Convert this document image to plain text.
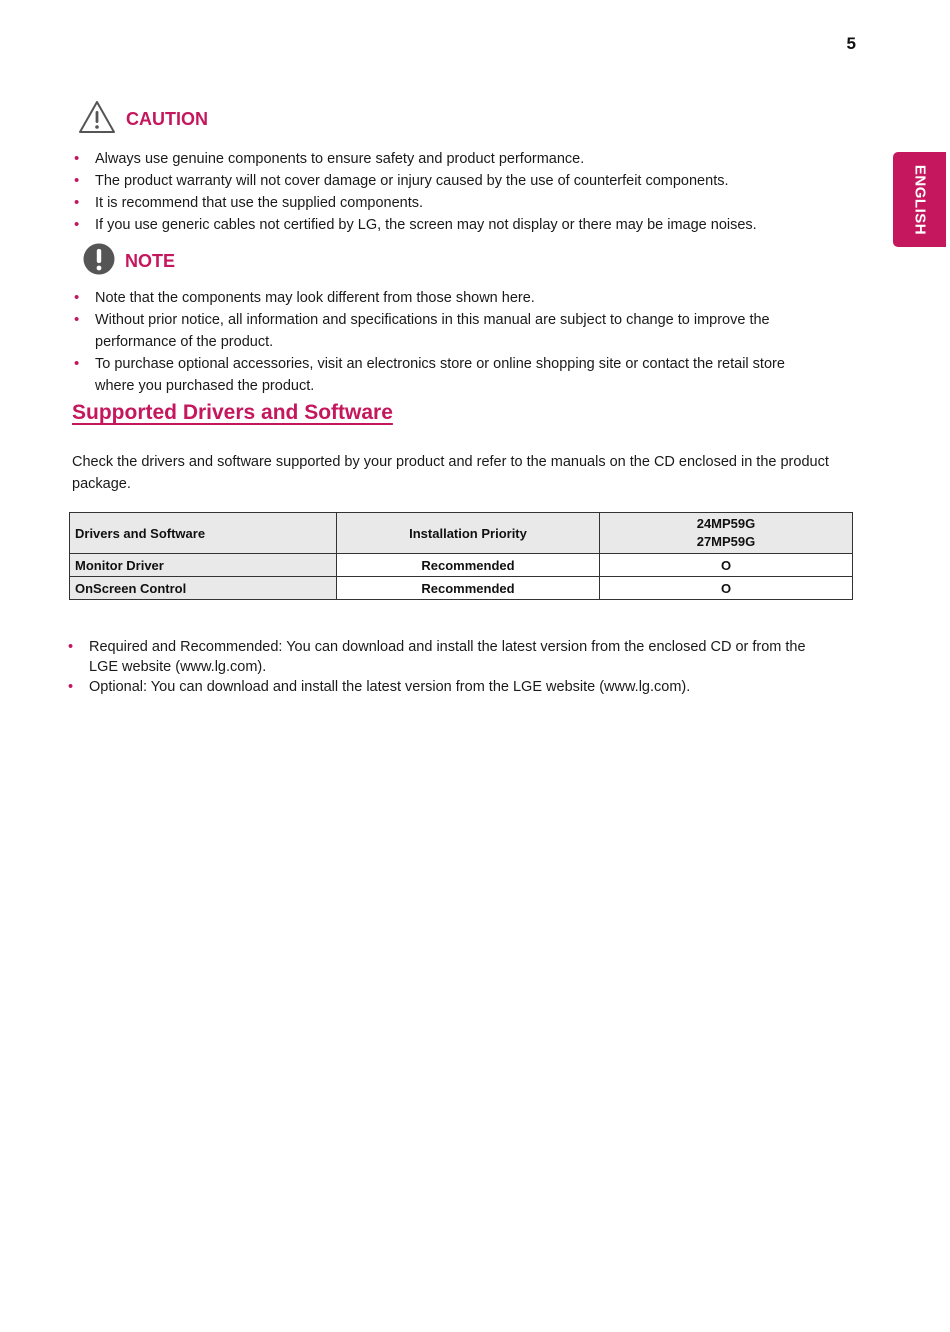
5
ENGLISH
CAUTION
• Always use genuine components to ensure safety and product performance.
• The product warranty will not cover damage or injury caused by the use of counterfeit components.
• It is recommend that use the supplied components.
• If you use generic cables not certified by LG, the screen may not display or there may be image noises.
NOTE
• Note that the components may look different from those shown here.
• Without prior notice, all information and specifications in this manual are subject to change to improve the performance of the product.
• To purchase optional accessories, visit an electronics store or online shopping site or contact the retail store where you purchased the product.
Supported Drivers and Software

Check the drivers and software supported by your product and refer to the manuals on the CD enclosed in the product package.

Drivers and Software	Installation Priority	24MP59G
27MP59G

Monitor Driver	Recommended	O
OnScreen Control	Recommended	O
• Required and Recommended: You can download and install the latest version from the enclosed CD or from the LGE website (www.lg.com).
• Optional: You can download and install the latest version from the LGE website (www.lg.com).
